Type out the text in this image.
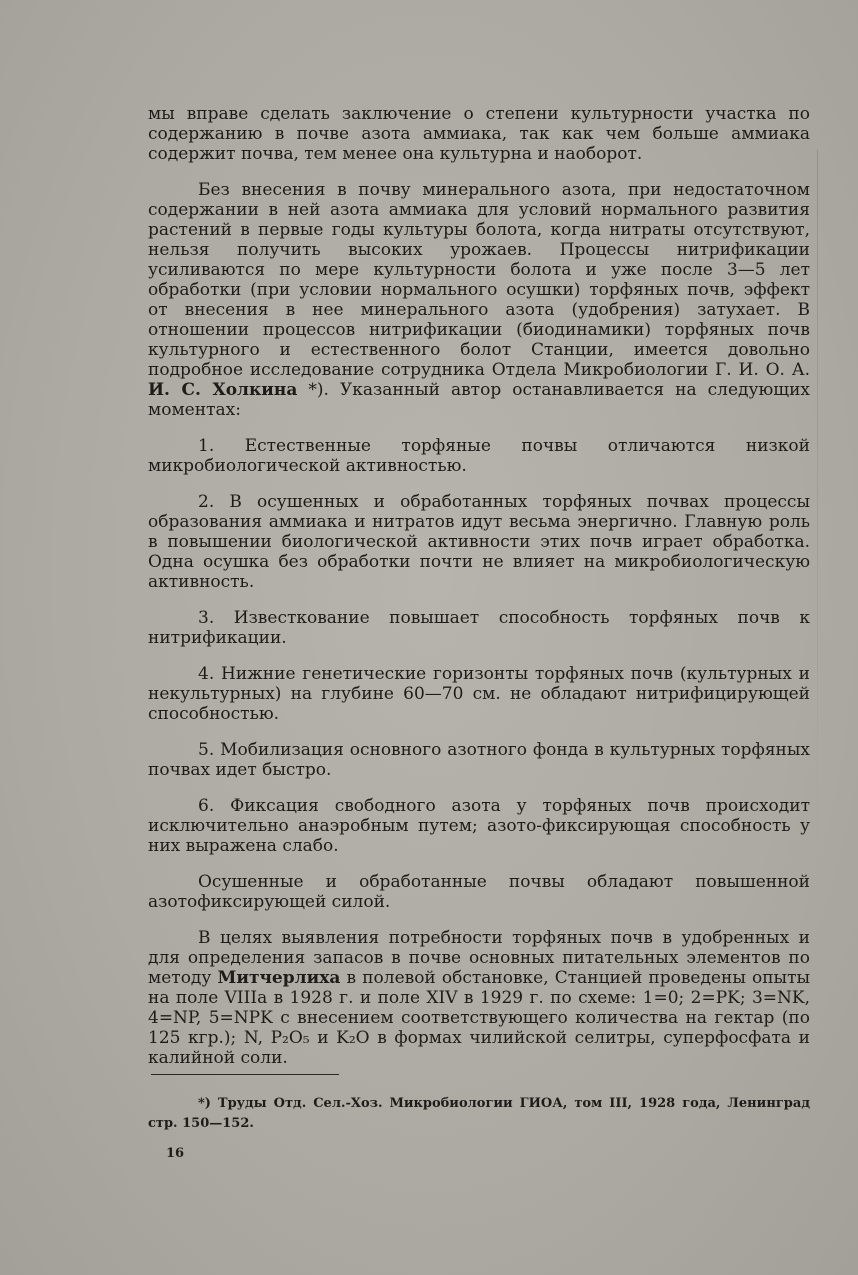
мы вправе сделать заключение о степени культурности участка по содержанию в почве азота аммиака, так как чем больше аммиака содержит почва, тем менее она культурна и наоборот.

Без внесения в почву минерального азота, при недостаточном содержании в ней азота аммиака для условий нормального развития растений в первые годы культуры болота, когда нитраты отсутствуют, нельзя получить высоких урожаев. Процессы нитрификации усиливаются по мере культурности болота и уже после 3—5 лет обработки (при условии нормального осушки) торфяных почв, эффект от внесения в нее минерального азота (удобрения) затухает. В отношении процессов нитрификации (биодинамики) торфяных почв культурного и естественного болот Станции, имеется довольно подробное исследование сотрудника Отдела Микробиологии Г. И. О. А. И. С. Холкина *). Указанный автор останавливается на следующих моментах:

1. Естественные торфяные почвы отличаются низкой микробиологической активностью.

2. В осушенных и обработанных торфяных почвах процессы образования аммиака и нитратов идут весьма энергично. Главную роль в повышении биологической активности этих почв играет обработка. Одна осушка без обработки почти не влияет на микробиологическую активность.

3. Известкование повышает способность торфяных почв к нитрификации.

4. Нижние генетические горизонты торфяных почв (культурных и некультурных) на глубине 60—70 см. не обладают нитрифицирующей способностью.

5. Мобилизация основного азотного фонда в культурных торфяных почвах идет быстро.

6. Фиксация свободного азота у торфяных почв происходит исключительно анаэробным путем; азото-фиксирующая способность у них выражена слабо.

Осушенные и обработанные почвы обладают повышенной азотофиксирующей силой.

В целях выявления потребности торфяных почв в удобренных и для определения запасов в почве основных питательных элементов по методу Митчерлиха в полевой обстановке, Станцией проведены опыты на поле VIIIа в 1928 г. и поле XIV в 1929 г. по схеме: 1=0; 2=PK; 3=NK, 4=NP, 5=NPK с внесением соответствующего количества на гектар (по 125 кгр.); N, P₂O₅ и K₂O в формах чилийской селитры, суперфосфата и калийной соли.

*) Труды Отд. Сел.-Хоз. Микробиологии ГИОА, том III, 1928 года, Ленинград стр. 150—152.

16
